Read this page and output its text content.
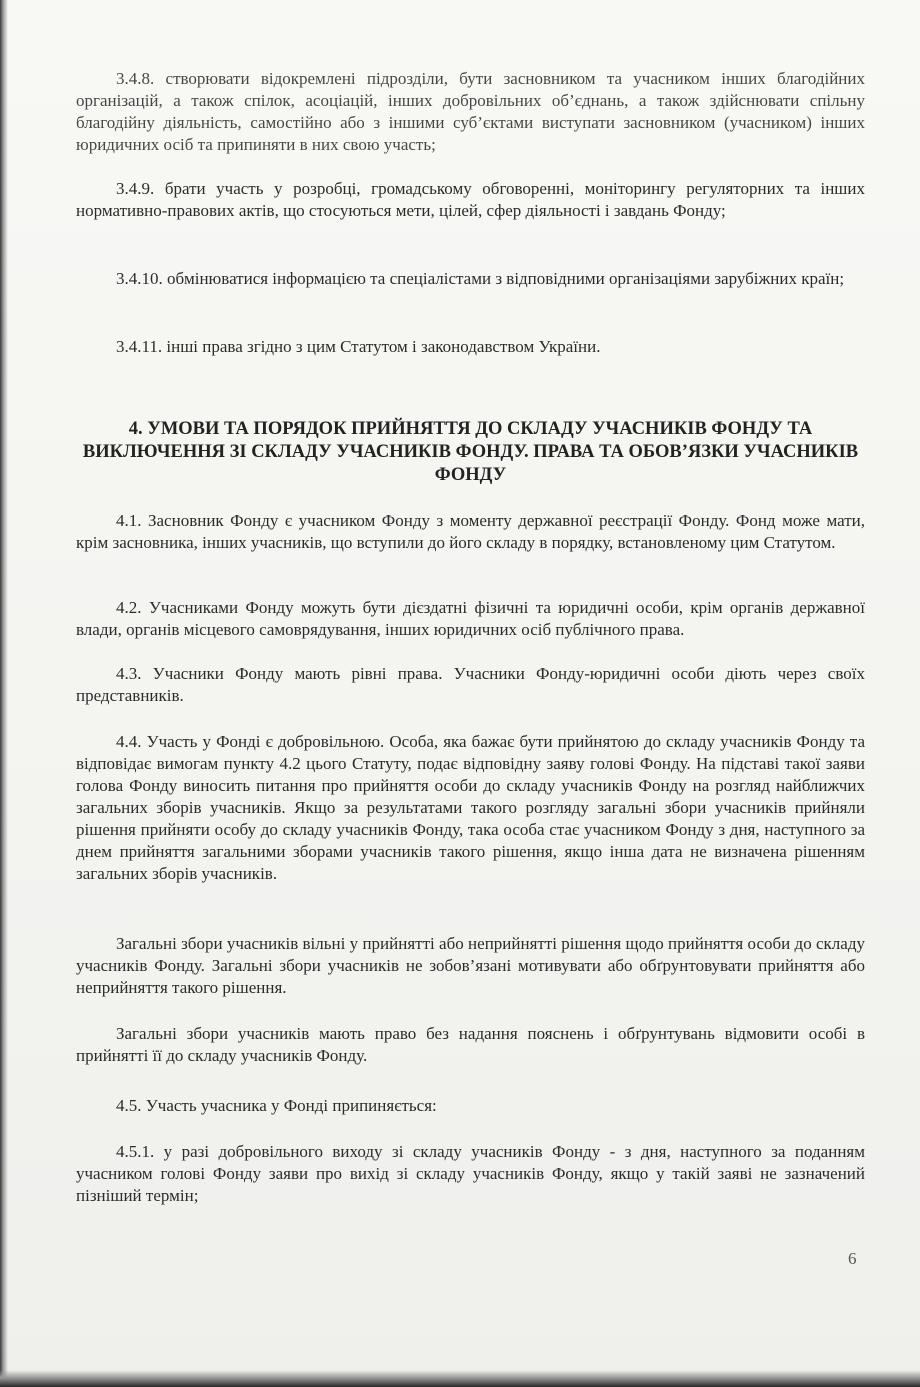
3.4.8. створювати відокремлені підрозділи, бути засновником та учасником інших благодійних організацій, а також спілок, асоціацій, інших добровільних об’єднань, а також здійснювати спільну благодійну діяльність, самостійно або з іншими суб’єктами виступати засновником (учасником) інших юридичних осіб та припиняти в них свою участь;

3.4.9. брати участь у розробці, громадському обговоренні, моніторингу регуляторних та інших нормативно-правових актів, що стосуються мети, цілей, сфер діяльності і завдань Фонду;

3.4.10. обмінюватися інформацією та спеціалістами з відповідними організаціями зарубіжних країн;

3.4.11. інші права згідно з цим Статутом і законодавством України.

4. УМОВИ ТА ПОРЯДОК ПРИЙНЯТТЯ ДО СКЛАДУ УЧАСНИКІВ ФОНДУ ТА ВИКЛЮЧЕННЯ ЗІ СКЛАДУ УЧАСНИКІВ ФОНДУ. ПРАВА ТА ОБОВ’ЯЗКИ УЧАСНИКІВ ФОНДУ

4.1. Засновник Фонду є учасником Фонду з моменту державної реєстрації Фонду. Фонд може мати, крім засновника, інших учасників, що вступили до його складу в порядку, встановленому цим Статутом.

4.2. Учасниками Фонду можуть бути дієздатні фізичні та юридичні особи, крім органів державної влади, органів місцевого самоврядування, інших юридичних осіб публічного права.

4.3. Учасники Фонду мають рівні права. Учасники Фонду-юридичні особи діють через своїх представників.

4.4. Участь у Фонді є добровільною. Особа, яка бажає бути прийнятою до складу учасників Фонду та відповідає вимогам пункту 4.2 цього Статуту, подає відповідну заяву голові Фонду. На підставі такої заяви голова Фонду виносить питання про прийняття особи до складу учасників Фонду на розгляд найближчих загальних зборів учасників. Якщо за результатами такого розгляду загальні збори учасників прийняли рішення прийняти особу до складу учасників Фонду, така особа стає учасником Фонду з дня, наступного за днем прийняття загальними зборами учасників такого рішення, якщо інша дата не визначена рішенням загальних зборів учасників.

Загальні збори учасників вільні у прийнятті або неприйнятті рішення щодо прийняття особи до складу учасників Фонду. Загальні збори учасників не зобов’язані мотивувати або обґрунтовувати прийняття або неприйняття такого рішення.

Загальні збори учасників мають право без надання пояснень і обґрунтувань відмовити особі в прийнятті її до складу учасників Фонду.

4.5. Участь учасника у Фонді припиняється:

4.5.1. у разі добровільного виходу зі складу учасників Фонду - з дня, наступного за поданням учасником голові Фонду заяви про вихід зі складу учасників Фонду, якщо у такій заяві не зазначений пізніший термін;

6
